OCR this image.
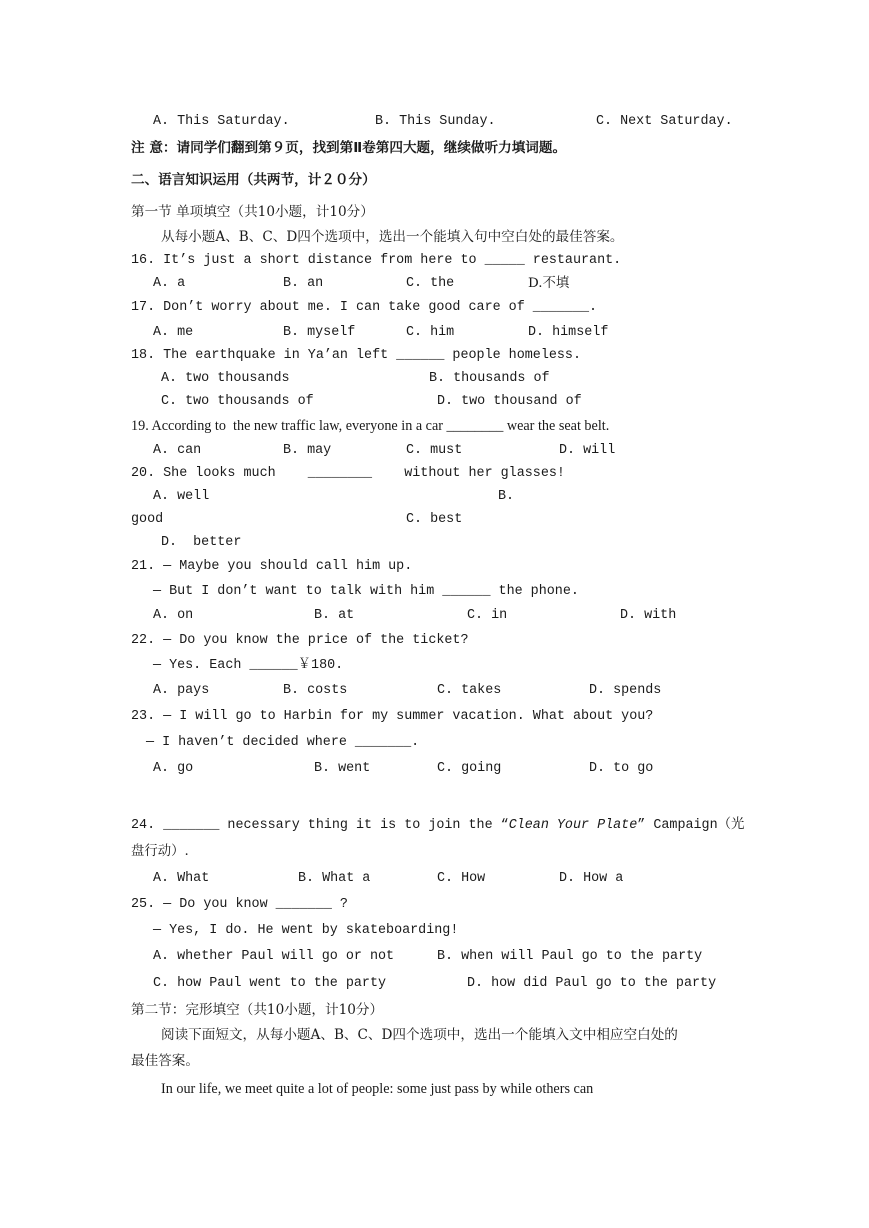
A. This Saturday.	B. This Sunday.	C. Next Saturday.
注 意：请同学们翻到第９页，找到第Ⅱ卷第四大题，继续做听力填词题。
二、语言知识运用（共两节，计２０分）
第一节 单项填空（共10小题，计10分）
从每小题A、B、C、D四个选项中，选出一个能填入句中空白处的最佳答案。
16. It’s just a short distance from here to _____ restaurant.
A. a	B. an	C. the	D.不填
17. Don’t worry about me. I can take good care of _______.
A. me	B. myself	C. him	D. himself
18. The earthquake in Ya’an left ______ people homeless.
A. two thousands	B. thousands of
C. two thousands of	D. two thousand of
19. According to  the new traffic law, everyone in a car ________ wear the seat belt.
A. can	B. may	C. must	D. will
20. She looks much    ________    without her glasses!
A. well	B.
good	C. best
D.  better
21. — Maybe you should call him up.
— But I don’t want to talk with him ______ the phone.
A. on	B. at	C. in	D. with
22. — Do you know the price of the ticket?
— Yes. Each ______￥180.
A. pays	B. costs	C. takes	D. spends
23. — I will go to Harbin for my summer vacation. What about you?
— I haven’t decided where _______.
A. go	B. went	C. going	D. to go
24. _______ necessary thing it is to join the “Clean Your Plate” Campaign（光
盘行动）.
A. What	B. What a	C. How	D. How a
25. — Do you know _______ ?
— Yes, I do. He went by skateboarding!
A. whether Paul will go or not	B. when will Paul go to the party
C. how Paul went to the party	D. how did Paul go to the party
第二节：完形填空（共10小题，计10分）
阅读下面短文，从每小题A、B、C、D四个选项中，选出一个能填入文中相应空白处的
最佳答案。
In our life, we meet quite a lot of people: some just pass by while others can
